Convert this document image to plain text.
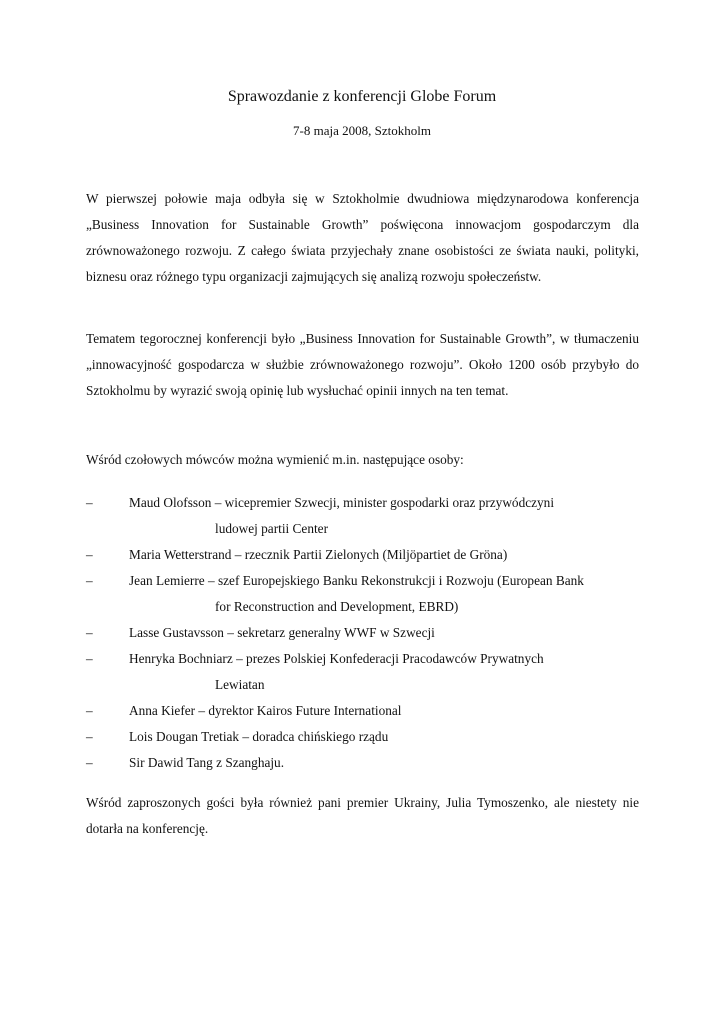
Sprawozdanie z konferencji Globe Forum
7-8 maja 2008, Sztokholm

W pierwszej połowie maja odbyła się w Sztokholmie dwudniowa międzynarodowa konferencja „Business Innovation for Sustainable Growth” poświęcona innowacjom gospodarczym dla zrównoważonego rozwoju. Z całego świata przyjechały znane osobistości ze świata nauki, polityki, biznesu oraz różnego typu organizacji zajmujących się analizą rozwoju społeczeństw.

Tematem tegorocznej konferencji było „Business Innovation for Sustainable Growth”, w tłumaczeniu „innowacyjność gospodarcza w służbie zrównoważonego rozwoju”. Około 1200 osób przybyło do Sztokholmu by wyrazić swoją opinię lub wysłuchać opinii innych na ten temat.

Wśród czołowych mówców można wymienić m.in. następujące osoby:

–	Maud Olofsson – wicepremier Szwecji, minister gospodarki oraz przywódczyni
ludowej partii Center
–	Maria Wetterstrand – rzecznik Partii Zielonych (Miljöpartiet de Gröna)
–	Jean Lemierre – szef Europejskiego Banku Rekonstrukcji i Rozwoju (European Bank
for Reconstruction and Development, EBRD)
–	Lasse Gustavsson – sekretarz generalny WWF w Szwecji
–	Henryka Bochniarz – prezes Polskiej Konfederacji Pracodawców Prywatnych
Lewiatan
–	Anna Kiefer – dyrektor Kairos Future International
–	Lois Dougan Tretiak – doradca chińskiego rządu
–	Sir Dawid Tang z Szanghaju.

Wśród zaproszonych gości była również pani premier Ukrainy, Julia Tymoszenko, ale niestety nie dotarła na konferencję.
